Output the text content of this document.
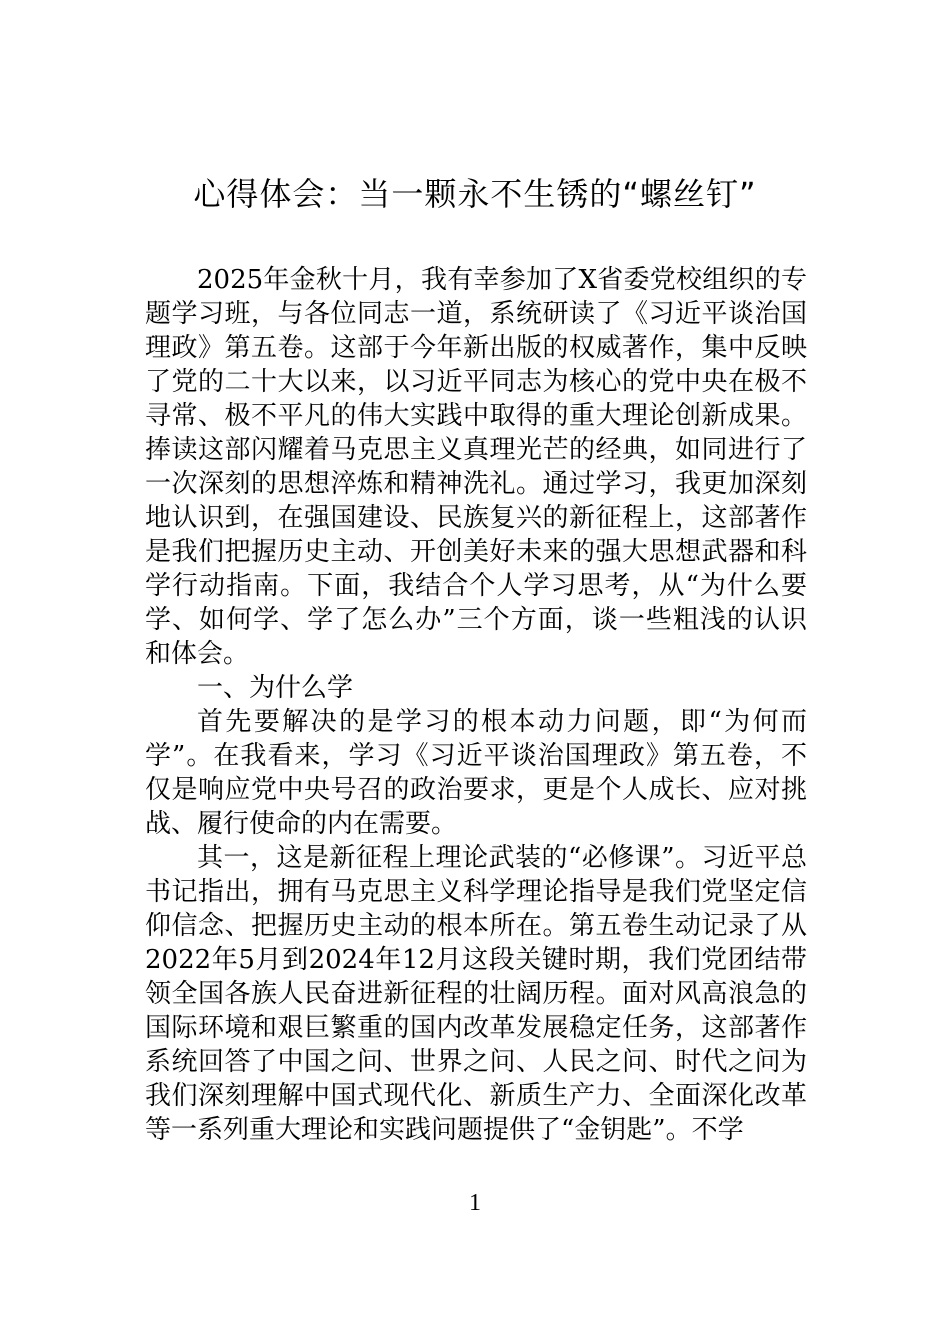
心得体会：当一颗永不生锈的“螺丝钉”

2025年金秋十月，我有幸参加了X省委党校组织的专题学习班，与各位同志一道，系统研读了《习近平谈治国理政》第五卷。这部于今年新出版的权威著作，集中反映了党的二十大以来，以习近平同志为核心的党中央在极不寻常、极不平凡的伟大实践中取得的重大理论创新成果。捧读这部闪耀着马克思主义真理光芒的经典，如同进行了一次深刻的思想淬炼和精神洗礼。通过学习，我更加深刻地认识到，在强国建设、民族复兴的新征程上，这部著作是我们把握历史主动、开创美好未来的强大思想武器和科学行动指南。下面，我结合个人学习思考，从“为什么要学、如何学、学了怎么办”三个方面，谈一些粗浅的认识和体会。

一、为什么学

首先要解决的是学习的根本动力问题，即“为何而学”。在我看来，学习《习近平谈治国理政》第五卷，不仅是响应党中央号召的政治要求，更是个人成长、应对挑战、履行使命的内在需要。

其一，这是新征程上理论武装的“必修课”。习近平总书记指出，拥有马克思主义科学理论指导是我们党坚定信仰信念、把握历史主动的根本所在。第五卷生动记录了从2022年5月到2024年12月这段关键时期，我们党团结带领全国各族人民奋进新征程的壮阔历程。面对风高浪急的国际环境和艰巨繁重的国内改革发展稳定任务，这部著作系统回答了中国之问、世界之问、人民之问、时代之问为我们深刻理解中国式现代化、新质生产力、全面深化改革等一系列重大理论和实践问题提供了“金钥匙”。不学

1
